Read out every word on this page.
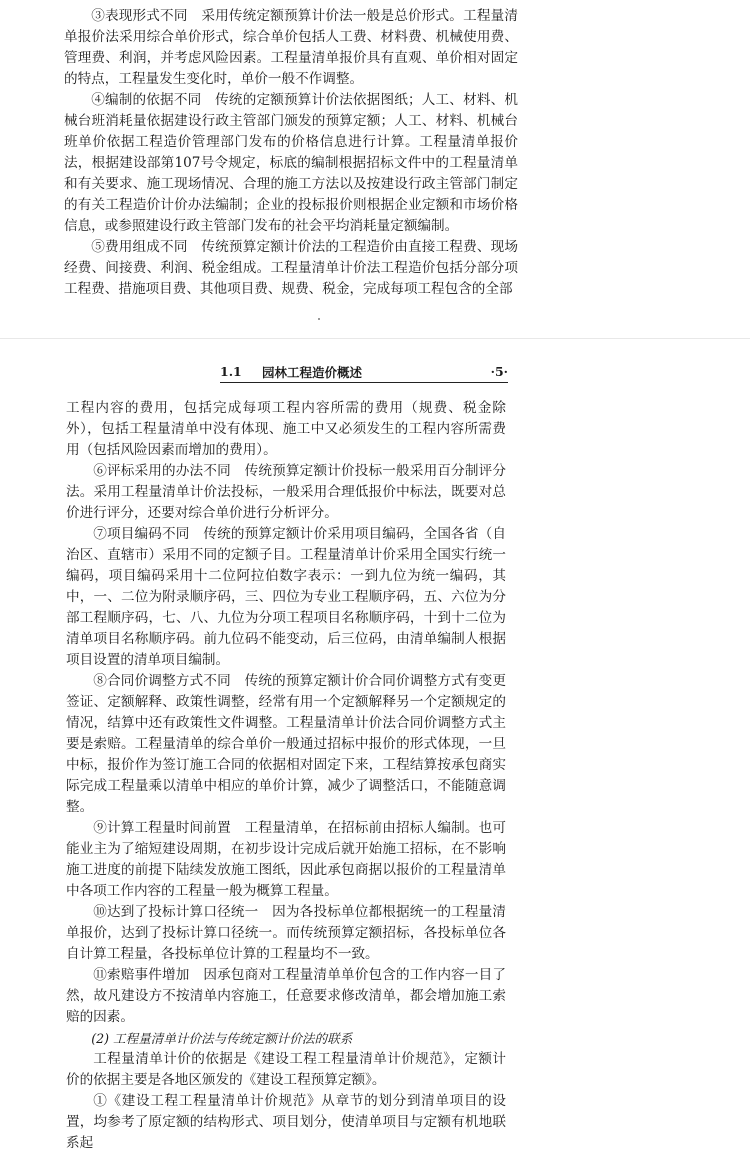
③表现形式不同　采用传统定额预算计价法一般是总价形式。工程量清单报价法采用综合单价形式，综合单价包括人工费、材料费、机械使用费、管理费、利润，并考虑风险因素。工程量清单报价具有直观、单价相对固定的特点，工程量发生变化时，单价一般不作调整。

④编制的依据不同　传统的定额预算计价法依据图纸；人工、材料、机械台班消耗量依据建设行政主管部门颁发的预算定额；人工、材料、机械台班单价依据工程造价管理部门发布的价格信息进行计算。工程量清单报价法，根据建设部第107号令规定，标底的编制根据招标文件中的工程量清单和有关要求、施工现场情况、合理的施工方法以及按建设行政主管部门制定的有关工程造价计价办法编制；企业的投标报价则根据企业定额和市场价格信息，或参照建设行政主管部门发布的社会平均消耗量定额编制。

⑤费用组成不同　传统预算定额计价法的工程造价由直接工程费、现场经费、间接费、利润、税金组成。工程量清单计价法工程造价包括分部分项工程费、措施项目费、其他项目费、规费、税金，完成每项工程包含的全部

1.1 园林工程造价概述	·5·

工程内容的费用，包括完成每项工程内容所需的费用（规费、税金除外），包括工程量清单中没有体现、施工中又必须发生的工程内容所需费用（包括风险因素而增加的费用）。

⑥评标采用的办法不同　传统预算定额计价投标一般采用百分制评分法。采用工程量清单计价法投标，一般采用合理低报价中标法，既要对总价进行评分，还要对综合单价进行分析评分。

⑦项目编码不同　传统的预算定额计价采用项目编码，全国各省（自治区、直辖市）采用不同的定额子目。工程量清单计价采用全国实行统一编码，项目编码采用十二位阿拉伯数字表示：一到九位为统一编码，其中，一、二位为附录顺序码，三、四位为专业工程顺序码，五、六位为分部工程顺序码，七、八、九位为分项工程项目名称顺序码，十到十二位为清单项目名称顺序码。前九位码不能变动，后三位码，由清单编制人根据项目设置的清单项目编制。

⑧合同价调整方式不同　传统的预算定额计价合同价调整方式有变更签证、定额解释、政策性调整，经常有用一个定额解释另一个定额规定的情况，结算中还有政策性文件调整。工程量清单计价法合同价调整方式主要是索赔。工程量清单的综合单价一般通过招标中报价的形式体现，一旦中标，报价作为签订施工合同的依据相对固定下来，工程结算按承包商实际完成工程量乘以清单中相应的单价计算，减少了调整活口，不能随意调整。

⑨计算工程量时间前置　工程量清单，在招标前由招标人编制。也可能业主为了缩短建设周期，在初步设计完成后就开始施工招标，在不影响施工进度的前提下陆续发放施工图纸，因此承包商据以报价的工程量清单中各项工作内容的工程量一般为概算工程量。

⑩达到了投标计算口径统一　因为各投标单位都根据统一的工程量清单报价，达到了投标计算口径统一。而传统预算定额招标，各投标单位各自计算工程量，各投标单位计算的工程量均不一致。

⑪索赔事件增加　因承包商对工程量清单单价包含的工作内容一目了然，故凡建设方不按清单内容施工，任意要求修改清单，都会增加施工索赔的因素。

(2) 工程量清单计价法与传统定额计价法的联系

工程量清单计价的依据是《建设工程工程量清单计价规范》，定额计价的依据主要是各地区颁发的《建设工程预算定额》。

①《建设工程工程量清单计价规范》从章节的划分到清单项目的设置，均参考了原定额的结构形式、项目划分，使清单项目与定额有机地联系起
